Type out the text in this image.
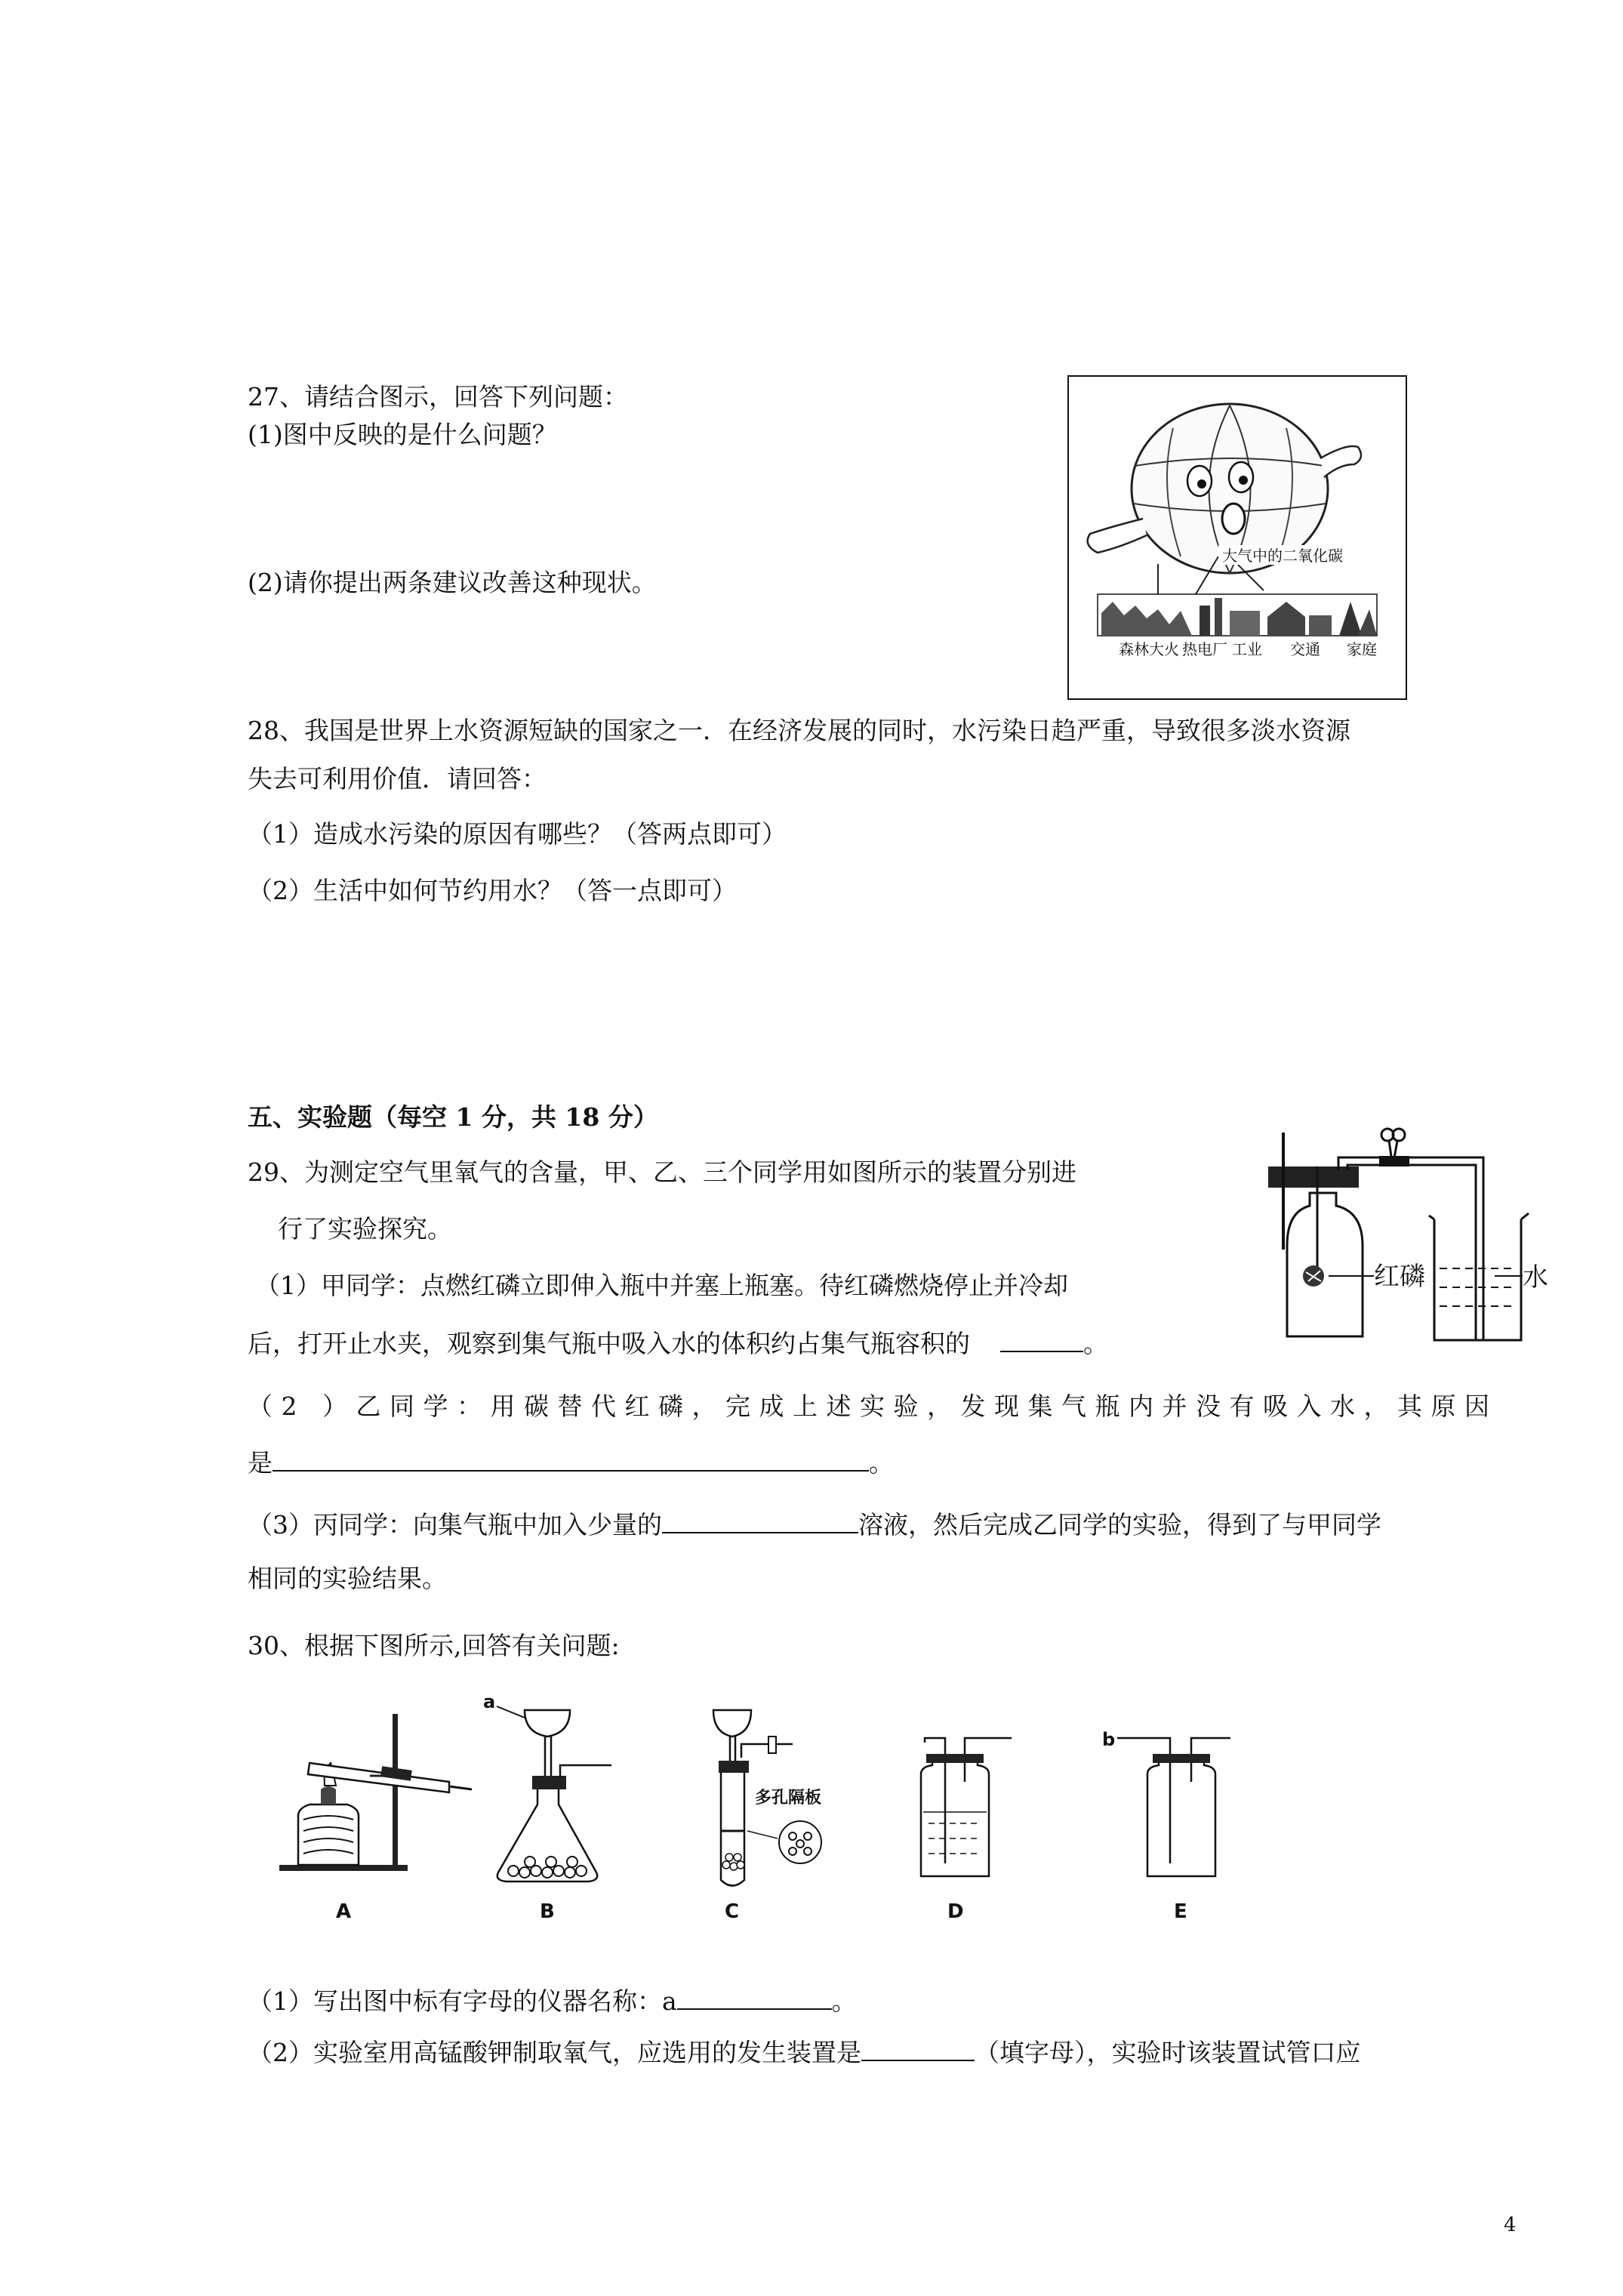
27、请结合图示，回答下列问题：
(1)图中反映的是什么问题？
(2)请你提出两条建议改善这种现状。
大气中的二氧化碳
森林大火 热电厂 工业 交通 家庭
28、我国是世界上水资源短缺的国家之一．在经济发展的同时，水污染日趋严重，导致很多淡水资源
失去可利用价值．请回答：
（1）造成水污染的原因有哪些？（答两点即可）
（2）生活中如何节约用水？（答一点即可）
五、实验题（每空 1 分，共 18 分）
29、为测定空气里氧气的含量，甲、乙、三个同学用如图所示的装置分别进
行了实验探究。
（1）甲同学：点燃红磷立即伸入瓶中并塞上瓶塞。待红磷燃烧停止并冷却
后，打开止水夹，观察到集气瓶中吸入水的体积约占集气瓶容积的	。
（2 ）乙同学：用碳替代红磷，完成上述实验，发现集气瓶内并没有吸入水，其原因
是	。
（3）丙同学：向集气瓶中加入少量的	溶液，然后完成乙同学的实验，得到了与甲同学
相同的实验结果。
红磷	水
30、根据下图所示,回答有关问题:
A
a
B
多孔隔板
C	D
b
E
（1）写出图中标有字母的仪器名称：a	。
（2）实验室用高锰酸钾制取氧气，应选用的发生装置是	（填字母），实验时该装置试管口应
4
